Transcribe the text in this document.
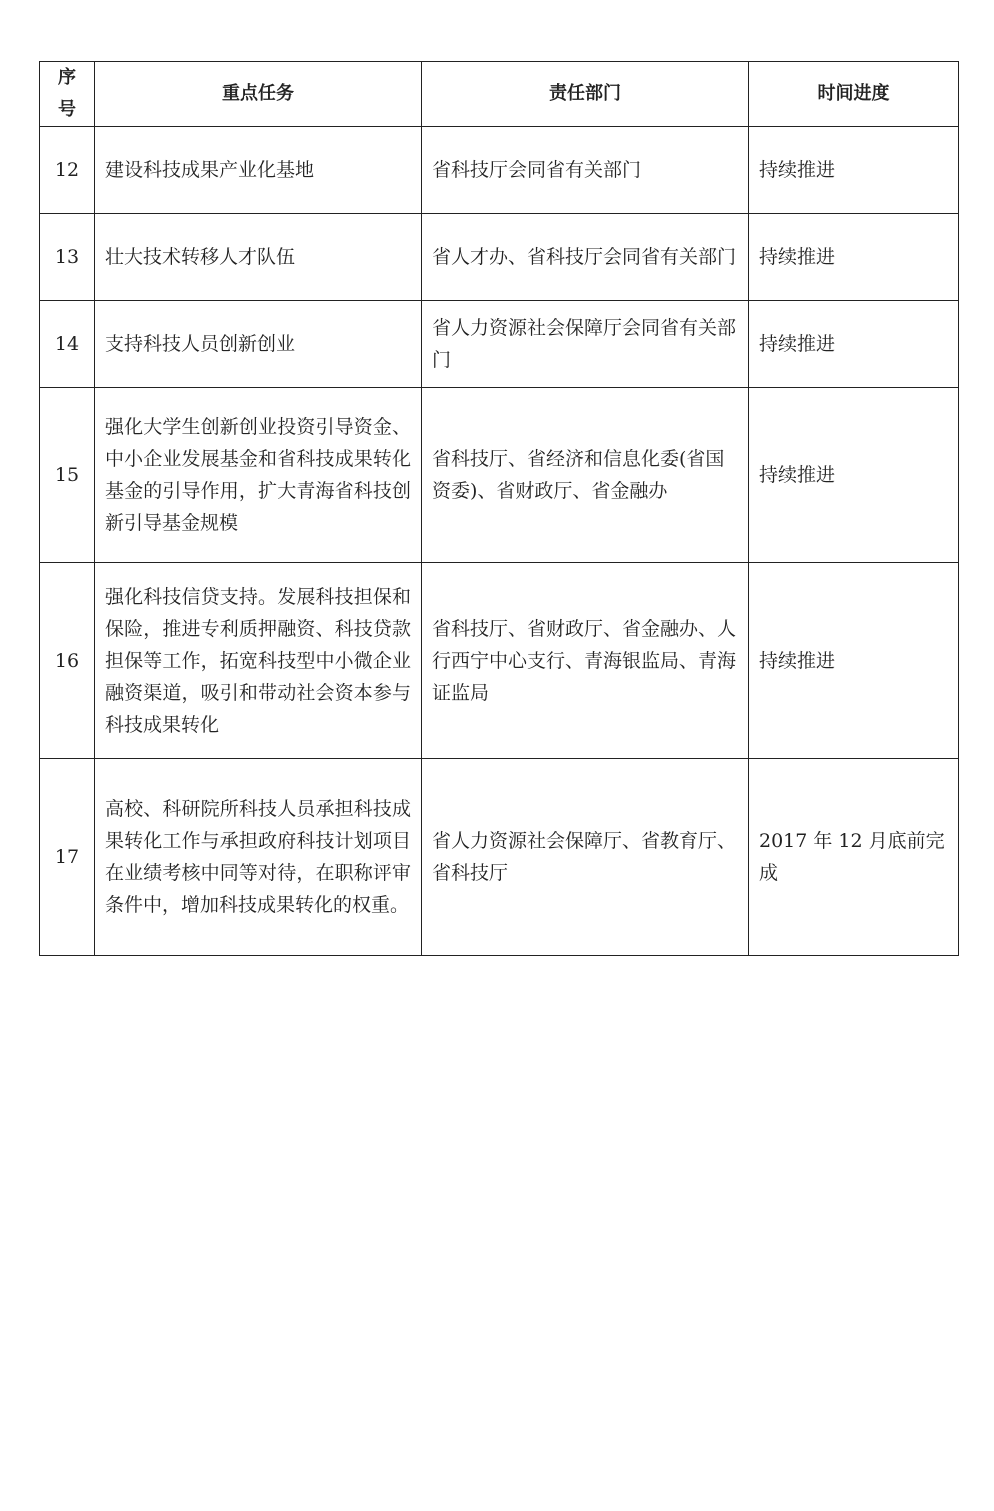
序号	重点任务	责任部门	时间进度
12	建设科技成果产业化基地	省科技厅会同省有关部门	持续推进
13	壮大技术转移人才队伍	省人才办、省科技厅会同省有关部门	持续推进
14	支持科技人员创新创业	省人力资源社会保障厅会同省有关部门	持续推进
15	强化大学生创新创业投资引导资金、中小企业发展基金和省科技成果转化基金的引导作用，扩大青海省科技创新引导基金规模	省科技厅、省经济和信息化委(省国资委)、省财政厅、省金融办	持续推进
16	强化科技信贷支持。发展科技担保和保险，推进专利质押融资、科技贷款担保等工作，拓宽科技型中小微企业融资渠道，吸引和带动社会资本参与科技成果转化	省科技厅、省财政厅、省金融办、人行西宁中心支行、青海银监局、青海证监局	持续推进
17	高校、科研院所科技人员承担科技成果转化工作与承担政府科技计划项目在业绩考核中同等对待，在职称评审条件中，增加科技成果转化的权重。	省人力资源社会保障厅、省教育厅、省科技厅	2017 年 12 月底前完成
